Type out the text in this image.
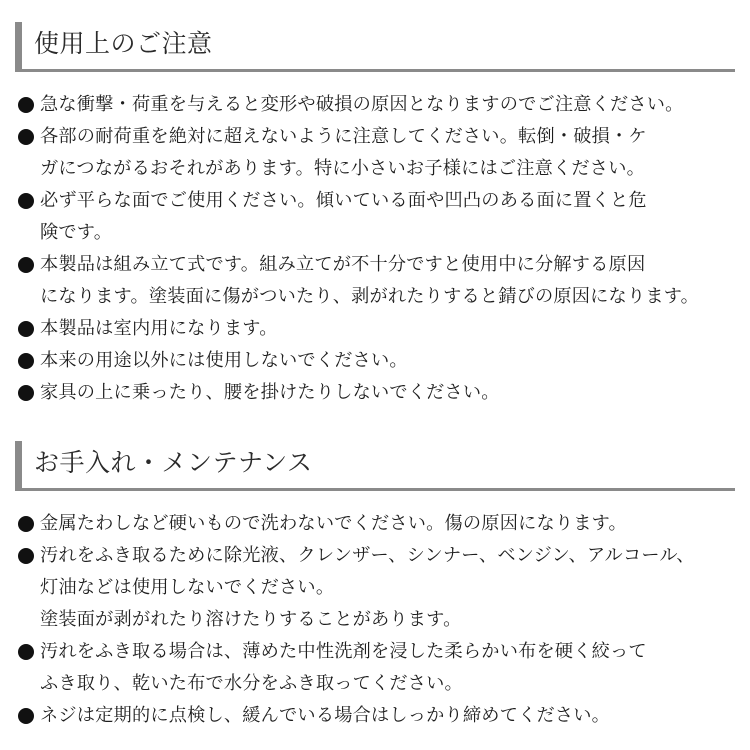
使用上のご注意
急な衝撃・荷重を与えると変形や破損の原因となりますのでご注意ください。
各部の耐荷重を絶対に超えないように注意してください。転倒・破損・ケ
ガにつながるおそれがあります。特に小さいお子様にはご注意ください。
必ず平らな面でご使用ください。傾いている面や凹凸のある面に置くと危
険です。
本製品は組み立て式です。組み立てが不十分ですと使用中に分解する原因
になります。塗装面に傷がついたり、剥がれたりすると錆びの原因になります。
本製品は室内用になります。
本来の用途以外には使用しないでください。
家具の上に乗ったり、腰を掛けたりしないでください。
お手入れ・メンテナンス
金属たわしなど硬いもので洗わないでください。傷の原因になります。
汚れをふき取るために除光液、クレンザー、シンナー、ベンジン、アルコール、
灯油などは使用しないでください。
塗装面が剥がれたり溶けたりすることがあります。
汚れをふき取る場合は、薄めた中性洗剤を浸した柔らかい布を硬く絞って
ふき取り、乾いた布で水分をふき取ってください。
ネジは定期的に点検し、緩んでいる場合はしっかり締めてください。
